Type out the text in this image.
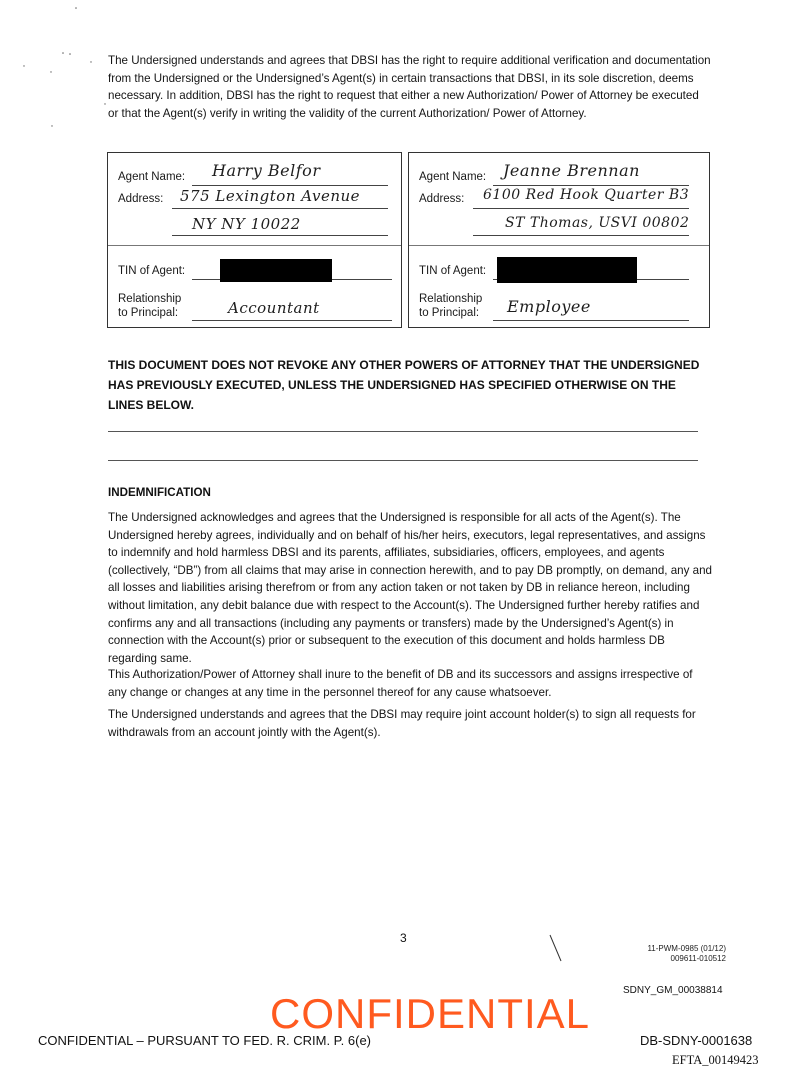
The Undersigned understands and agrees that DBSI has the right to require additional verification and documentation from the Undersigned or the Undersigned’s Agent(s) in certain transactions that DBSI, in its sole discretion, deems necessary. In addition, DBSI has the right to request that either a new Authorization/ Power of Attorney be executed or that the Agent(s) verify in writing the validity of the current Authorization/ Power of Attorney.
Agent Name: Harry Belfor
Address: 575 Lexington Avenue
NY NY 10022
TIN of Agent:
Relationship
to Principal:	Accountant
Agent Name: Jeanne Brennan
Address: 6100 Red Hook Quarter B3
ST Thomas, USVI 00802
TIN of Agent:
Relationship
to Principal: Employee
THIS DOCUMENT DOES NOT REVOKE ANY OTHER POWERS OF ATTORNEY THAT THE UNDERSIGNED HAS PREVIOUSLY EXECUTED, UNLESS THE UNDERSIGNED HAS SPECIFIED OTHERWISE ON THE LINES BELOW.
INDEMNIFICATION
The Undersigned acknowledges and agrees that the Undersigned is responsible for all acts of the Agent(s). The Undersigned hereby agrees, individually and on behalf of his/her heirs, executors, legal representatives, and assigns to indemnify and hold harmless DBSI and its parents, affiliates, subsidiaries, officers, employees, and agents (collectively, “DB”) from all claims that may arise in connection herewith, and to pay DB promptly, on demand, any and all losses and liabilities arising therefrom or from any action taken or not taken by DB in reliance hereon, including without limitation, any debit balance due with respect to the Account(s). The Undersigned further hereby ratifies and confirms any and all transactions (including any payments or transfers) made by the Undersigned’s Agent(s) in connection with the Account(s) prior or subsequent to the execution of this document and holds harmless DB regarding same.
This Authorization/Power of Attorney shall inure to the benefit of DB and its successors and assigns irrespective of any change or changes at any time in the personnel thereof for any cause whatsoever.
The Undersigned understands and agrees that the DBSI may require joint account holder(s) to sign all requests for withdrawals from an account jointly with the Agent(s).
3
11-PWM-0985 (01/12)
009611-010512
SDNY_GM_00038814
CONFIDENTIAL
CONFIDENTIAL – PURSUANT TO FED. R. CRIM. P. 6(e)	DB-SDNY-0001638
EFTA_00149423
